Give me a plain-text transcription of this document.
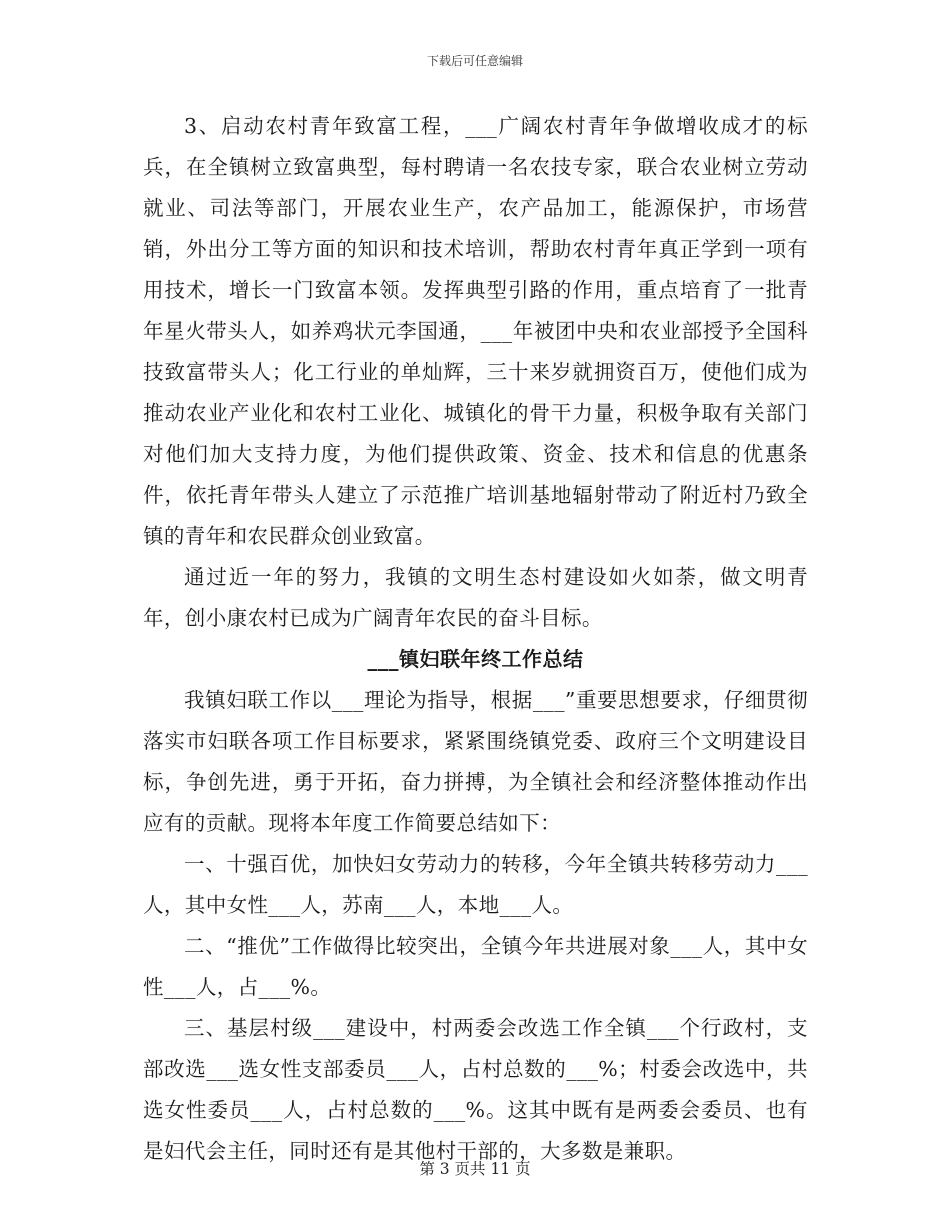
下载后可任意编辑

3、启动农村青年致富工程，___广阔农村青年争做增收成才的标兵，在全镇树立致富典型，每村聘请一名农技专家，联合农业树立劳动就业、司法等部门，开展农业生产，农产品加工，能源保护，市场营销，外出分工等方面的知识和技术培训，帮助农村青年真正学到一项有用技术，增长一门致富本领。发挥典型引路的作用，重点培育了一批青年星火带头人，如养鸡状元李国通，___年被团中央和农业部授予全国科技致富带头人；化工行业的单灿辉，三十来岁就拥资百万，使他们成为推动农业产业化和农村工业化、城镇化的骨干力量，积极争取有关部门对他们加大支持力度，为他们提供政策、资金、技术和信息的优惠条件，依托青年带头人建立了示范推广培训基地辐射带动了附近村乃致全镇的青年和农民群众创业致富。

通过近一年的努力，我镇的文明生态村建设如火如荼，做文明青年，创小康农村已成为广阔青年农民的奋斗目标。

___镇妇联年终工作总结

我镇妇联工作以___理论为指导，根据___”重要思想要求，仔细贯彻落实市妇联各项工作目标要求，紧紧围绕镇党委、政府三个文明建设目标，争创先进，勇于开拓，奋力拼搏，为全镇社会和经济整体推动作出应有的贡献。现将本年度工作简要总结如下：

一、十强百优，加快妇女劳动力的转移，今年全镇共转移劳动力___人，其中女性___人，苏南___人，本地___人。

二、“推优”工作做得比较突出，全镇今年共进展对象___人，其中女性___人，占___%。

三、基层村级___建设中，村两委会改选工作全镇___个行政村，支部改选___选女性支部委员___人，占村总数的___%；村委会改选中，共选女性委员___人，占村总数的___%。这其中既有是两委会委员、也有是妇代会主任，同时还有是其他村干部的，大多数是兼职。

第 3 页共 11 页
